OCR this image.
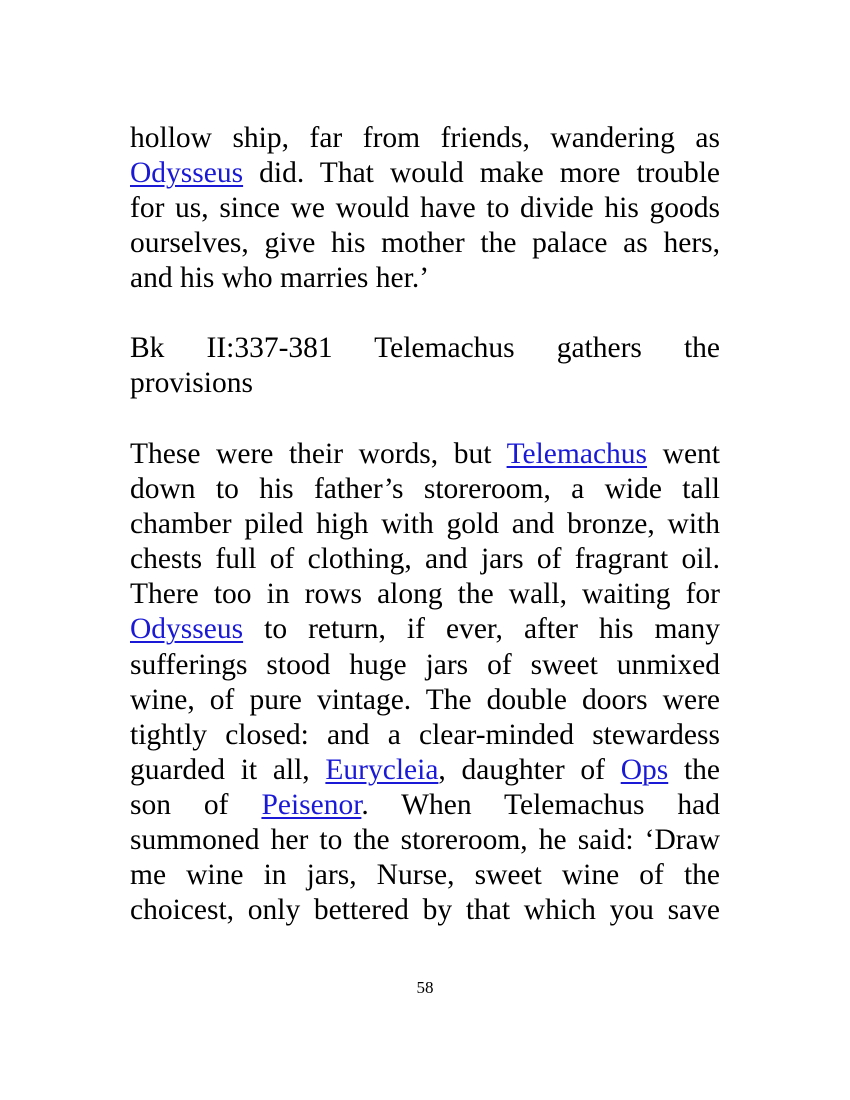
hollow ship, far from friends, wandering as
Odysseus did. That would make more trouble
for us, since we would have to divide his goods
ourselves, give his mother the palace as hers,
and his who marries her.’
Bk II:337-381 Telemachus gathers the
provisions
These were their words, but Telemachus went
down to his father’s storeroom, a wide tall
chamber piled high with gold and bronze, with
chests full of clothing, and jars of fragrant oil.
There too in rows along the wall, waiting for
Odysseus to return, if ever, after his many
sufferings stood huge jars of sweet unmixed
wine, of pure vintage. The double doors were
tightly closed: and a clear-minded stewardess
guarded it all, Eurycleia, daughter of Ops the
son of Peisenor. When Telemachus had
summoned her to the storeroom, he said: ‘Draw
me wine in jars, Nurse, sweet wine of the
choicest, only bettered by that which you save
58
